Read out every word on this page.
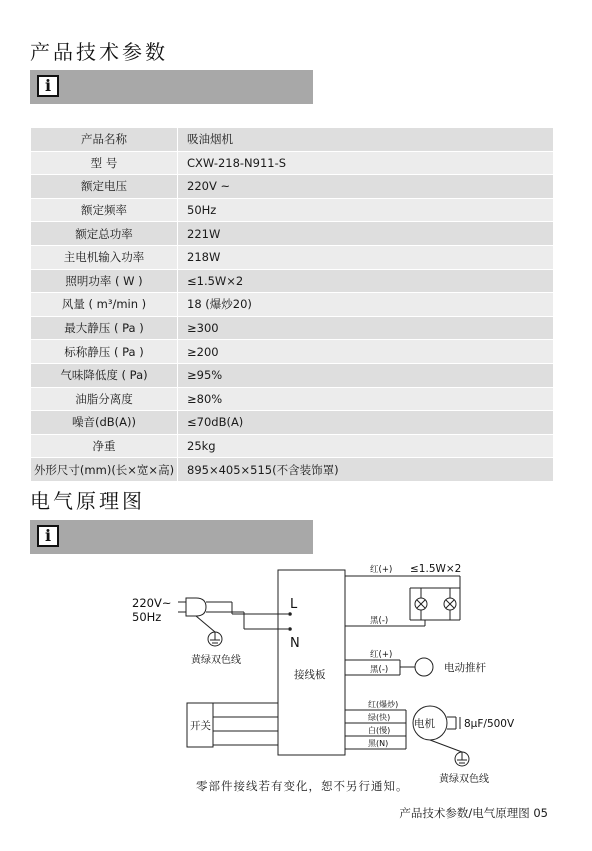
产品技术参数
i
产品名称	吸油烟机
型 号	CXW-218-N911-S
额定电压	220V ~
额定频率	50Hz
额定总功率	221W
主电机输入功率	218W
照明功率 ( W )	≤1.5W×2
风量 ( m³/min )	18 (爆炒20)
最大静压 ( Pa )	≥300
标称静压 ( Pa )	≥200
气味降低度 ( Pa)	≥95%
油脂分离度	≥80%
噪音(dB(A))	≤70dB(A)
净重	25kg
外形尺寸(mm)(长×宽×高)	895×405×515(不含装饰罩)
电气原理图
i
220V~
50Hz
黄绿双色线
L
N
接线板
红(+) ≤1.5W×2
黑(-)
红(+)
黑(-)	电动推杆
开关	电机
红(爆炒)
绿(快)
白(慢)
黑(N)
8μF/500V
黄绿双色线
零部件接线若有变化，恕不另行通知。
产品技术参数/电气原理图 05
